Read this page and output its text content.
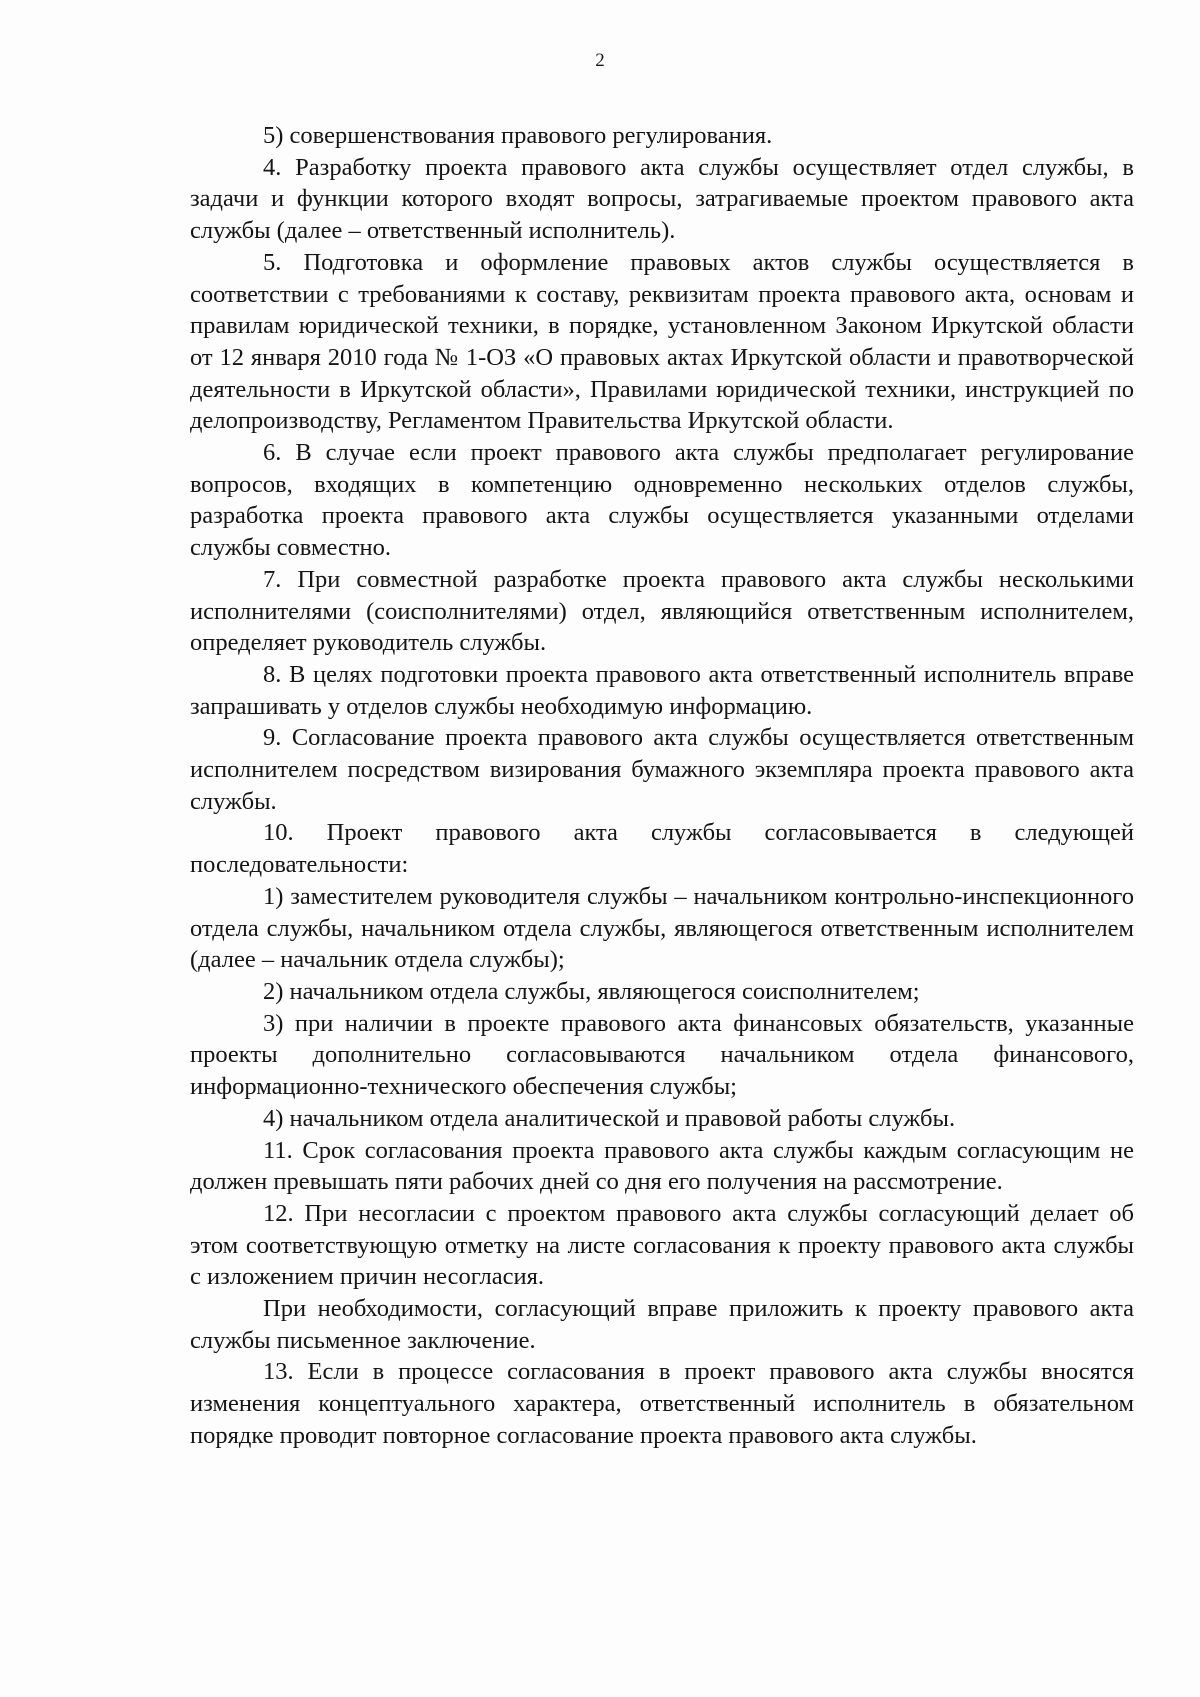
2

5) совершенствования правового регулирования.

4. Разработку проекта правового акта службы осуществляет отдел службы, в задачи и функции которого входят вопросы, затрагиваемые проектом правового акта службы (далее – ответственный исполнитель).

5. Подготовка и оформление правовых актов службы осуществляется в соответствии с требованиями к составу, реквизитам проекта правового акта, основам и правилам юридической техники, в порядке, установленном Законом Иркутской области от 12 января 2010 года № 1-ОЗ «О правовых актах Иркутской области и правотворческой деятельности в Иркутской области», Правилами юридической техники, инструкцией по делопроизводству, Регламентом Правительства Иркутской области.

6. В случае если проект правового акта службы предполагает регулирование вопросов, входящих в компетенцию одновременно нескольких отделов службы, разработка проекта правового акта службы осуществляется указанными отделами службы совместно.

7. При совместной разработке проекта правового акта службы несколькими исполнителями (соисполнителями) отдел, являющийся ответственным исполнителем, определяет руководитель службы.

8. В целях подготовки проекта правового акта ответственный исполнитель вправе запрашивать у отделов службы необходимую информацию.

9. Согласование проекта правового акта службы осуществляется ответственным исполнителем посредством визирования бумажного экземпляра проекта правового акта службы.

10. Проект правового акта службы согласовывается в следующей последовательности:

1) заместителем руководителя службы – начальником контрольно-инспекционного отдела службы, начальником отдела службы, являющегося ответственным исполнителем (далее – начальник отдела службы);

2) начальником отдела службы, являющегося соисполнителем;

3) при наличии в проекте правового акта финансовых обязательств, указанные проекты дополнительно согласовываются начальником отдела финансового, информационно-технического обеспечения службы;

4) начальником отдела аналитической и правовой работы службы.

11. Срок согласования проекта правового акта службы каждым согласующим не должен превышать пяти рабочих дней со дня его получения на рассмотрение.

12. При несогласии с проектом правового акта службы согласующий делает об этом соответствующую отметку на листе согласования к проекту правового акта службы с изложением причин несогласия.

При необходимости, согласующий вправе приложить к проекту правового акта службы письменное заключение.

13. Если в процессе согласования в проект правового акта службы вносятся изменения концептуального характера, ответственный исполнитель в обязательном порядке проводит повторное согласование проекта правового акта службы.
